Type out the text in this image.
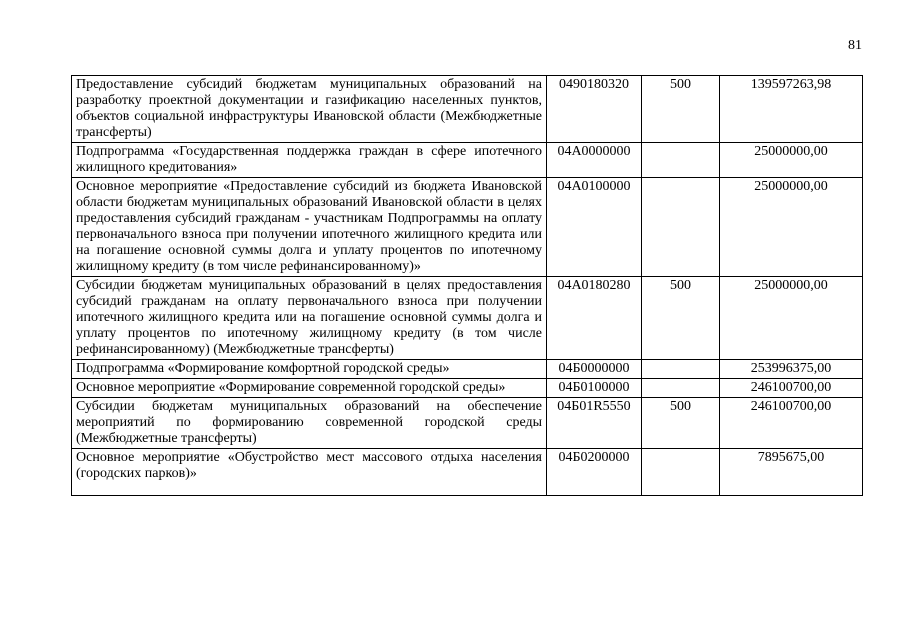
81
Предоставление субсидий бюджетам муниципальных образований на разработку проектной документации и газификацию населенных пунктов, объектов социальной инфраструктуры Ивановской области (Межбюджетные трансферты)	0490180320	500	139597263,98
Подпрограмма «Государственная поддержка граждан в сфере ипотечного жилищного кредитования»	04А0000000		25000000,00
Основное мероприятие «Предоставление субсидий из бюджета Ивановской области бюджетам муниципальных образований Ивановской области в целях предоставления субсидий гражданам - участникам Подпрограммы на оплату первоначального взноса при получении ипотечного жилищного кредита или на погашение основной суммы долга и уплату процентов по ипотечному жилищному кредиту (в том числе рефинансированному)»	04А0100000		25000000,00
Субсидии бюджетам муниципальных образований в целях предоставления субсидий гражданам на оплату первоначального взноса при получении ипотечного жилищного кредита или на погашение основной суммы долга и уплату процентов по ипотечному жилищному кредиту (в том числе рефинансированному) (Межбюджетные трансферты)	04А0180280	500	25000000,00
Подпрограмма «Формирование комфортной городской среды»	04Б0000000		253996375,00
Основное мероприятие «Формирование современной городской среды»	04Б0100000		246100700,00
Субсидии бюджетам муниципальных образований на обеспечение мероприятий по формированию современной городской среды (Межбюджетные трансферты)	04Б01R5550	500	246100700,00
Основное мероприятие «Обустройство мест массового отдыха населения (городских парков)»	04Б0200000		7895675,00
